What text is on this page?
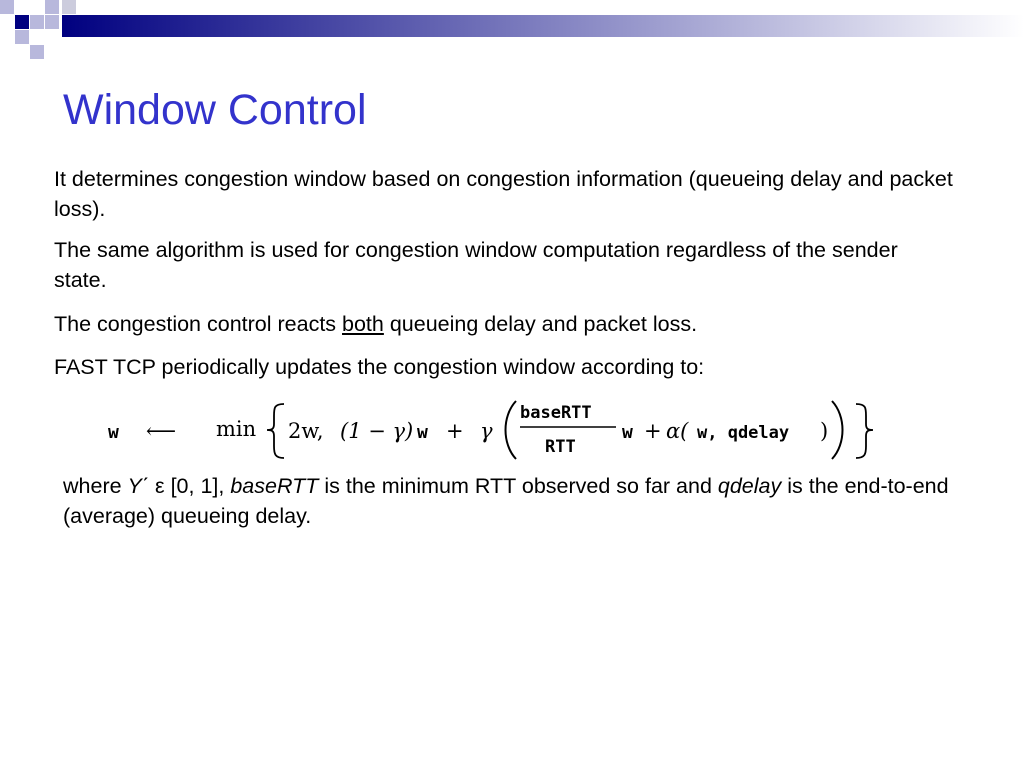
Window Control

It determines congestion window based on congestion information (queueing delay and packet loss).

The same algorithm is used for congestion window computation regardless of the sender state.

The congestion control reacts both queueing delay and packet loss.

FAST TCP periodically updates the congestion window according to:

w ⟵ min 2w, (1 − γ) w + γ
baseRTT
RTT
w + α( w, qdelay )

where Yˊ ε [0, 1], baseRTT is the minimum RTT observed so far and qdelay is the end-to-end (average) queueing delay.
